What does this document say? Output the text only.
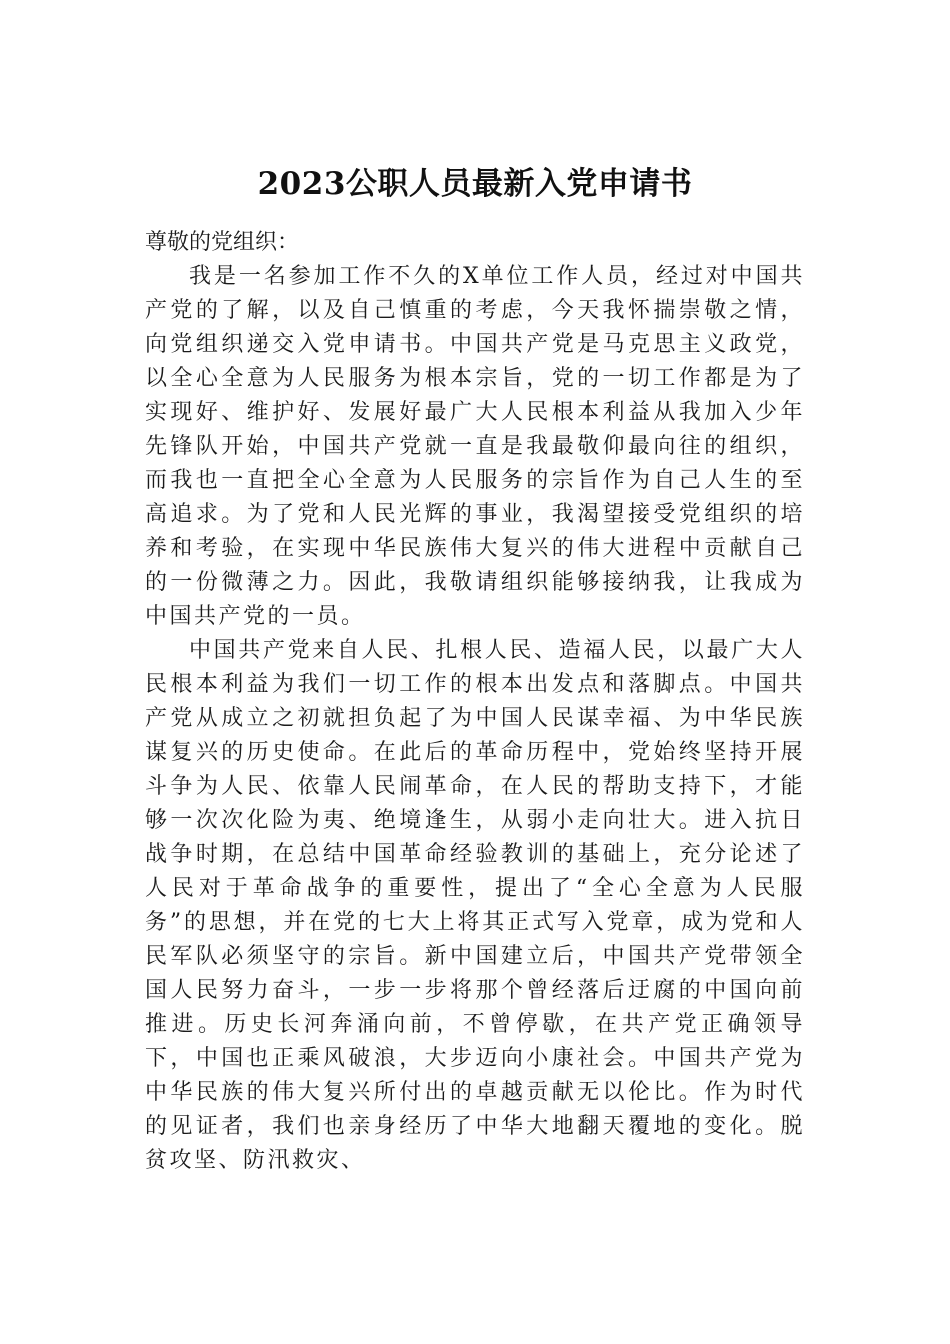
2023公职人员最新入党申请书

尊敬的党组织：

我是一名参加工作不久的X单位工作人员，经过对中国共产党的了解，以及自己慎重的考虑，今天我怀揣崇敬之情，向党组织递交入党申请书。中国共产党是马克思主义政党，以全心全意为人民服务为根本宗旨，党的一切工作都是为了实现好、维护好、发展好最广大人民根本利益从我加入少年先锋队开始，中国共产党就一直是我最敬仰最向往的组织，而我也一直把全心全意为人民服务的宗旨作为自己人生的至高追求。为了党和人民光辉的事业，我渴望接受党组织的培养和考验，在实现中华民族伟大复兴的伟大进程中贡献自己的一份微薄之力。因此，我敬请组织能够接纳我，让我成为中国共产党的一员。

中国共产党来自人民、扎根人民、造福人民，以最广大人民根本利益为我们一切工作的根本出发点和落脚点。中国共产党从成立之初就担负起了为中国人民谋幸福、为中华民族谋复兴的历史使命。在此后的革命历程中，党始终坚持开展斗争为人民、依靠人民闹革命，在人民的帮助支持下，才能够一次次化险为夷、绝境逢生，从弱小走向壮大。进入抗日战争时期，在总结中国革命经验教训的基础上，充分论述了人民对于革命战争的重要性，提出了“全心全意为人民服务”的思想，并在党的七大上将其正式写入党章，成为党和人民军队必须坚守的宗旨。新中国建立后，中国共产党带领全国人民努力奋斗，一步一步将那个曾经落后迂腐的中国向前推进。历史长河奔涌向前，不曾停歇，在共产党正确领导下，中国也正乘风破浪，大步迈向小康社会。中国共产党为中华民族的伟大复兴所付出的卓越贡献无以伦比。作为时代的见证者，我们也亲身经历了中华大地翻天覆地的变化。脱贫攻坚、防汛救灾、
